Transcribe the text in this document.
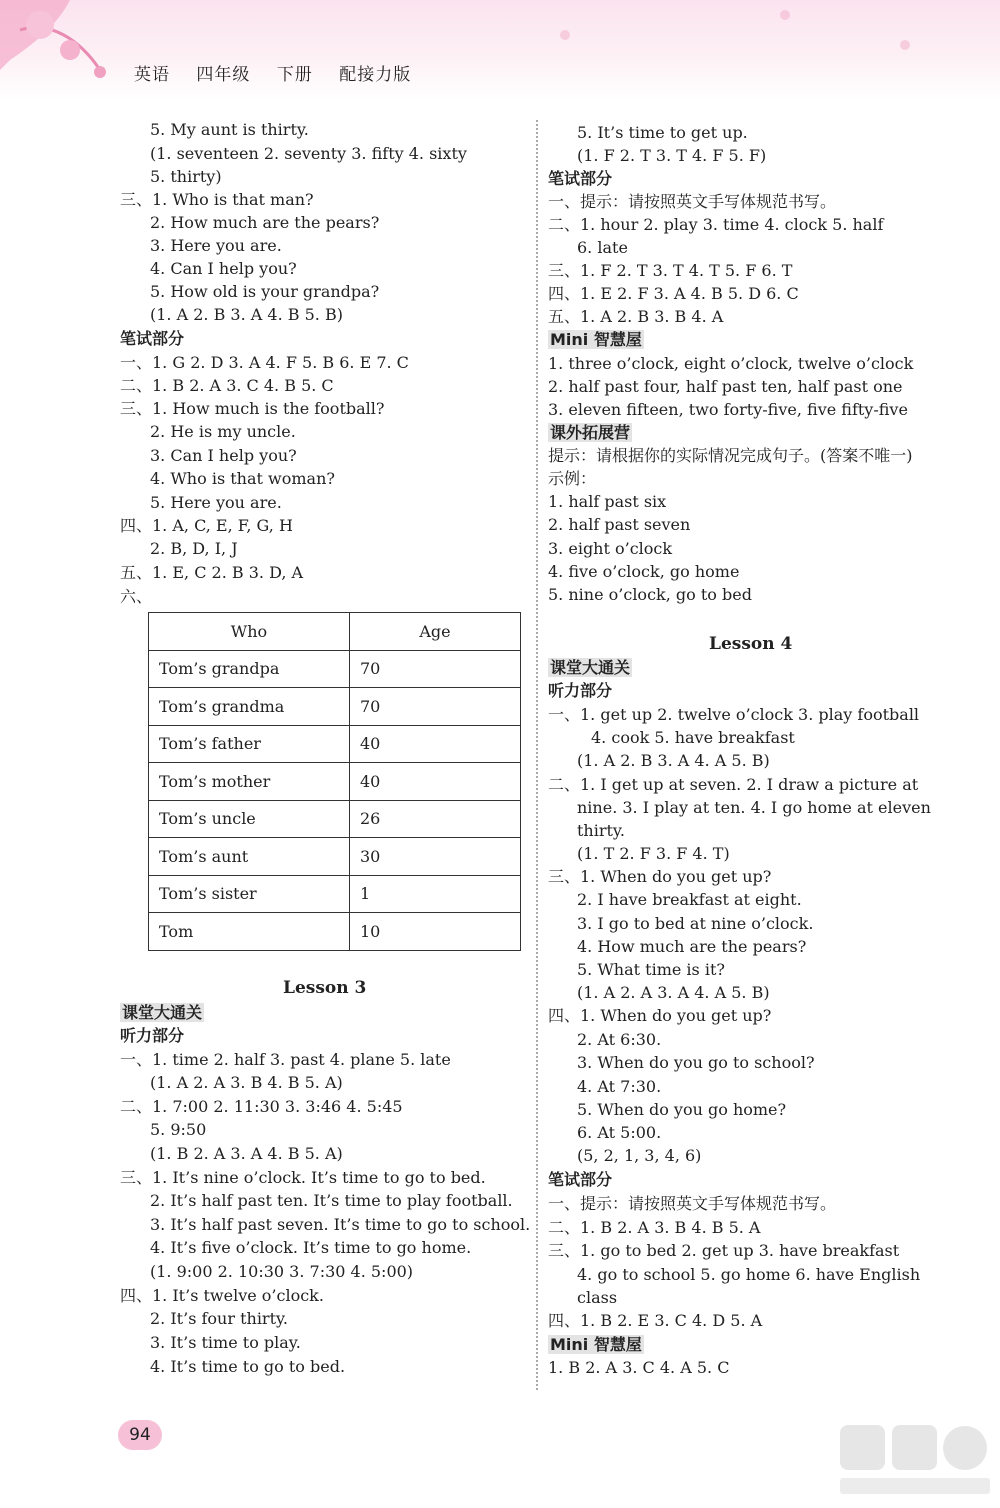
英语 四年级 下册 配接力版
5. My aunt is thirty.
(1. seventeen 2. seventy 3. fifty 4. sixty
5. thirty)
三、1. Who is that man?
2. How much are the pears?
3. Here you are.
4. Can I help you?
5. How old is your grandpa?
(1. A 2. B 3. A 4. B 5. B)
笔试部分
一、1. G 2. D 3. A 4. F 5. B 6. E 7. C
二、1. B 2. A 3. C 4. B 5. C
三、1. How much is the football?
2. He is my uncle.
3. Can I help you?
4. Who is that woman?
5. Here you are.
四、1. A, C, E, F, G, H
2. B, D, I, J
五、1. E, C 2. B 3. D, A
六、
Who	Age
Tom’s grandpa	70
Tom’s grandma	70
Tom’s father	40
Tom’s mother	40
Tom’s uncle	26
Tom’s aunt	30
Tom’s sister	1
Tom	10
Lesson 3
课堂大通关
听力部分
一、1. time 2. half 3. past 4. plane 5. late
(1. A 2. A 3. B 4. B 5. A)
二、1. 7:00 2. 11:30 3. 3:46 4. 5:45
5. 9:50
(1. B 2. A 3. A 4. B 5. A)
三、1. It’s nine o’clock. It’s time to go to bed.
2. It’s half past ten. It’s time to play football.
3. It’s half past seven. It’s time to go to school.
4. It’s five o’clock. It’s time to go home.
(1. 9:00 2. 10:30 3. 7:30 4. 5:00)
四、1. It’s twelve o’clock.
2. It’s four thirty.
3. It’s time to play.
4. It’s time to go to bed.
5. It’s time to get up.
(1. F 2. T 3. T 4. F 5. F)
笔试部分
一、提示：请按照英文手写体规范书写。
二、1. hour 2. play 3. time 4. clock 5. half
6. late
三、1. F 2. T 3. T 4. T 5. F 6. T
四、1. E 2. F 3. A 4. B 5. D 6. C
五、1. A 2. B 3. B 4. A
Mini 智慧屋
1. three o’clock, eight o’clock, twelve o’clock
2. half past four, half past ten, half past one
3. eleven fifteen, two forty-five, five fifty-five
课外拓展营
提示：请根据你的实际情况完成句子。(答案不唯一)
示例：
1. half past six
2. half past seven
3. eight o’clock
4. five o’clock, go home
5. nine o’clock, go to bed
Lesson 4
课堂大通关
听力部分
一、1. get up 2. twelve o’clock 3. play football
4. cook 5. have breakfast
(1. A 2. B 3. A 4. A 5. B)
二、1. I get up at seven. 2. I draw a picture at
nine. 3. I play at ten. 4. I go home at eleven
thirty.
(1. T 2. F 3. F 4. T)
三、1. When do you get up?
2. I have breakfast at eight.
3. I go to bed at nine o’clock.
4. How much are the pears?
5. What time is it?
(1. A 2. A 3. A 4. A 5. B)
四、1. When do you get up?
2. At 6:30.
3. When do you go to school?
4. At 7:30.
5. When do you go home?
6. At 5:00.
(5, 2, 1, 3, 4, 6)
笔试部分
一、提示：请按照英文手写体规范书写。
二、1. B 2. A 3. B 4. B 5. A
三、1. go to bed 2. get up 3. have breakfast
4. go to school 5. go home 6. have English
class
四、1. B 2. E 3. C 4. D 5. A
Mini 智慧屋
1. B 2. A 3. C 4. A 5. C
94
